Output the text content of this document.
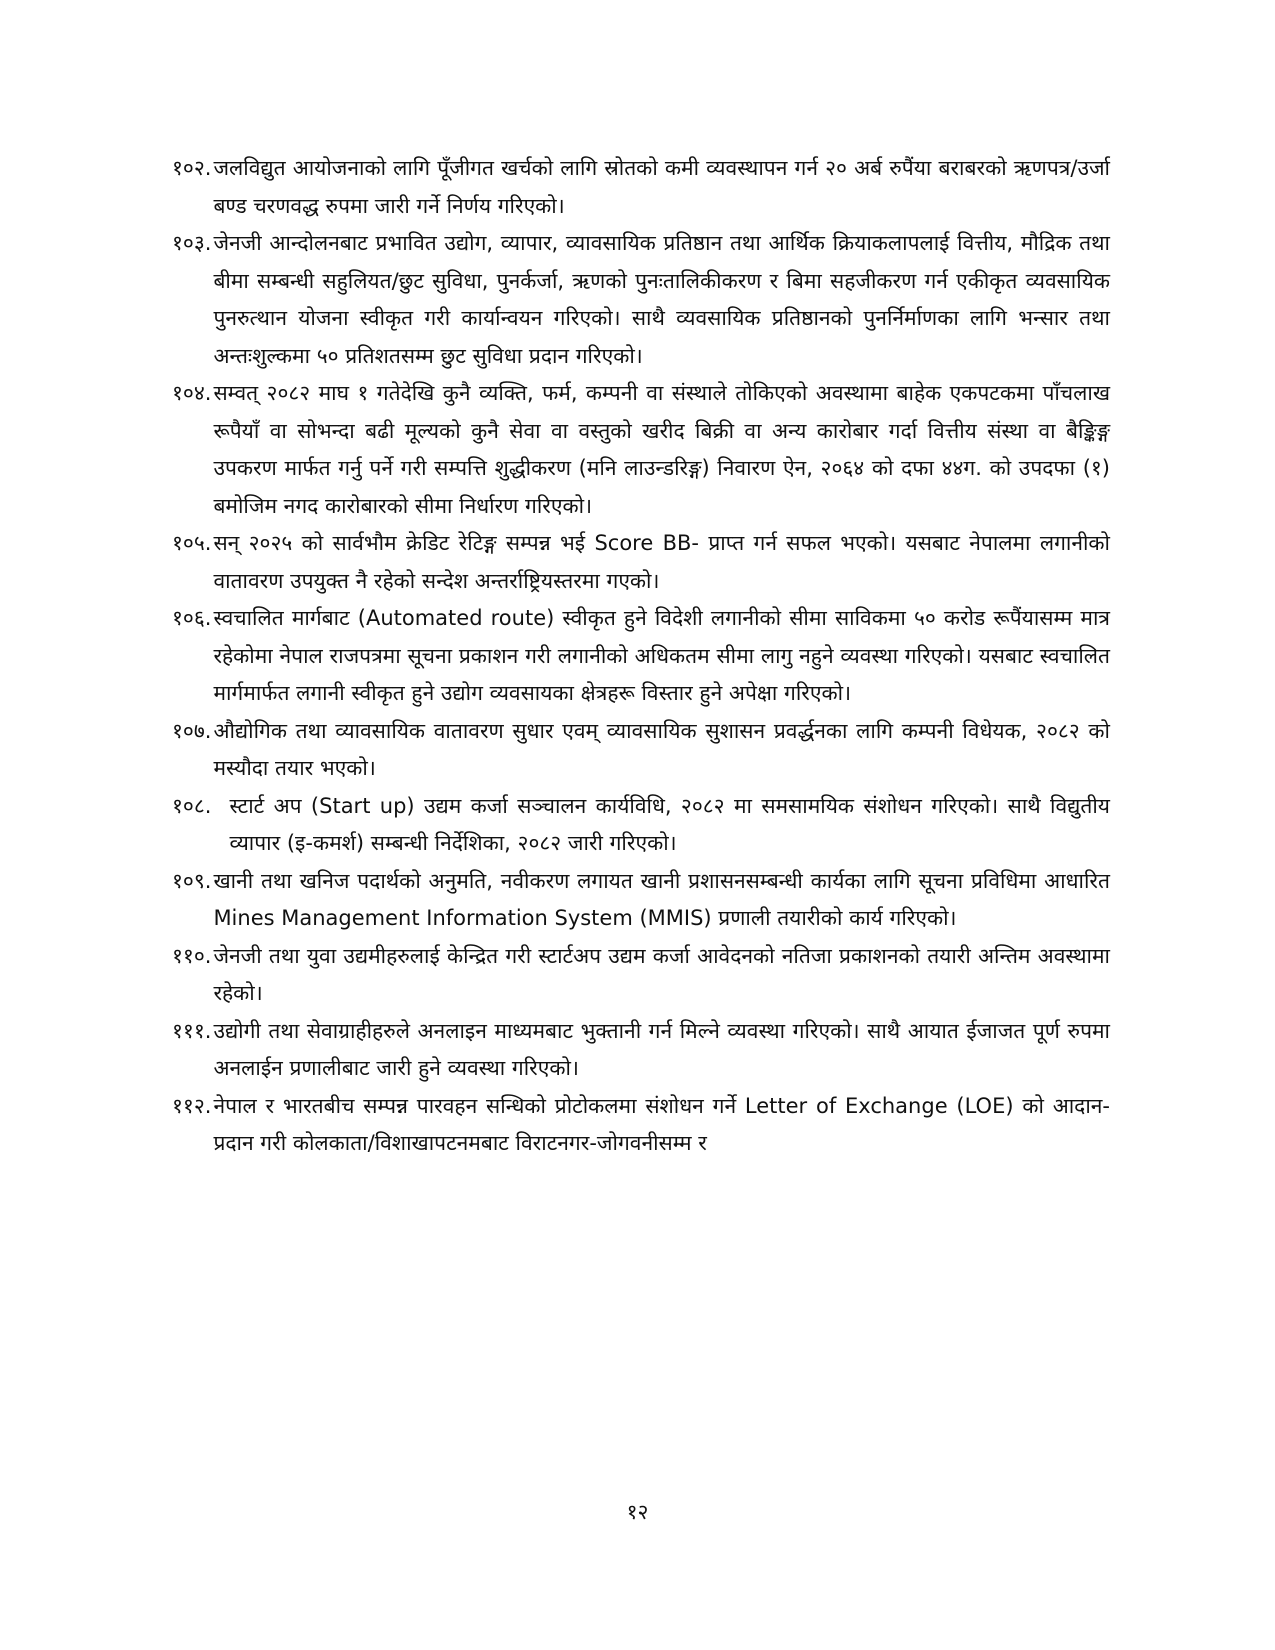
१०२. जलविद्युत आयोजनाको लागि पूँजीगत खर्चको लागि स्रोतको कमी व्यवस्थापन गर्न २० अर्ब रुपैंया बराबरको ऋणपत्र/उर्जा बण्ड चरणवद्ध रुपमा जारी गर्ने निर्णय गरिएको।
१०३. जेनजी आन्दोलनबाट प्रभावित उद्योग, व्यापार, व्यावसायिक प्रतिष्ठान तथा आर्थिक क्रियाकलापलाई वित्तीय, मौद्रिक तथा बीमा सम्बन्धी सहुलियत/छुट सुविधा, पुनर्कर्जा, ऋणको पुनःतालिकीकरण र बिमा सहजीकरण गर्न एकीकृत व्यवसायिक पुनरुत्थान योजना स्वीकृत गरी कार्यान्वयन गरिएको। साथै व्यवसायिक प्रतिष्ठानको पुनर्निर्माणका लागि भन्सार तथा अन्तःशुल्कमा ५० प्रतिशतसम्म छुट सुविधा प्रदान गरिएको।
१०४. सम्वत् २०८२ माघ १ गतेदेखि कुनै व्यक्ति, फर्म, कम्पनी वा संस्थाले तोकिएको अवस्थामा बाहेक एकपटकमा पाँचलाख रूपैयाँ वा सोभन्दा बढी मूल्यको कुनै सेवा वा वस्तुको खरीद बिक्री वा अन्य कारोबार गर्दा वित्तीय संस्था वा बैङ्किङ्ग उपकरण मार्फत गर्नु पर्ने गरी सम्पत्ति शुद्धीकरण (मनि लाउन्डरिङ्ग) निवारण ऐन, २०६४ को दफा ४४ग. को उपदफा (१) बमोजिम नगद कारोबारको सीमा निर्धारण गरिएको।
१०५. सन् २०२५ को सार्वभौम क्रेडिट रेटिङ्ग सम्पन्न भई Score BB- प्राप्त गर्न सफल भएको। यसबाट नेपालमा लगानीको वातावरण उपयुक्त नै रहेको सन्देश अन्तर्राष्ट्रियस्तरमा गएको।
१०६. स्वचालित मार्गबाट (Automated route) स्वीकृत हुने विदेशी लगानीको सीमा साविकमा ५० करोड रूपैंयासम्म मात्र रहेकोमा नेपाल राजपत्रमा सूचना प्रकाशन गरी लगानीको अधिकतम सीमा लागु नहुने व्यवस्था गरिएको। यसबाट स्वचालित मार्गमार्फत लगानी स्वीकृत हुने उद्योग व्यवसायका क्षेत्रहरू विस्तार हुने अपेक्षा गरिएको।
१०७. औद्योगिक तथा व्यावसायिक वातावरण सुधार एवम् व्यावसायिक सुशासन प्रवर्द्धनका लागि कम्पनी विधेयक, २०८२ को मस्यौदा तयार भएको।
१०८. स्टार्ट अप (Start up) उद्यम कर्जा सञ्चालन कार्यविधि, २०८२ मा समसामयिक संशोधन गरिएको। साथै विद्युतीय व्यापार (इ-कमर्श) सम्बन्धी निर्देशिका, २०८२ जारी गरिएको।
१०९. खानी तथा खनिज पदार्थको अनुमति, नवीकरण लगायत खानी प्रशासनसम्बन्धी कार्यका लागि सूचना प्रविधिमा आधारित Mines Management Information System (MMIS) प्रणाली तयारीको कार्य गरिएको।
११०. जेनजी तथा युवा उद्यमीहरुलाई केन्द्रित गरी स्टार्टअप उद्यम कर्जा आवेदनको नतिजा प्रकाशनको तयारी अन्तिम अवस्थामा रहेको।
१११. उद्योगी तथा सेवाग्राहीहरुले अनलाइन माध्यमबाट भुक्तानी गर्न मिल्ने व्यवस्था गरिएको। साथै आयात ईजाजत पूर्ण रुपमा अनलाईन प्रणालीबाट जारी हुने व्यवस्था गरिएको।
११२. नेपाल र भारतबीच सम्पन्न पारवहन सन्धिको प्रोटोकलमा संशोधन गर्ने Letter of Exchange (LOE) को आदान-प्रदान गरी कोलकाता/विशाखापटनमबाट विराटनगर-जोगवनीसम्म र
१२
